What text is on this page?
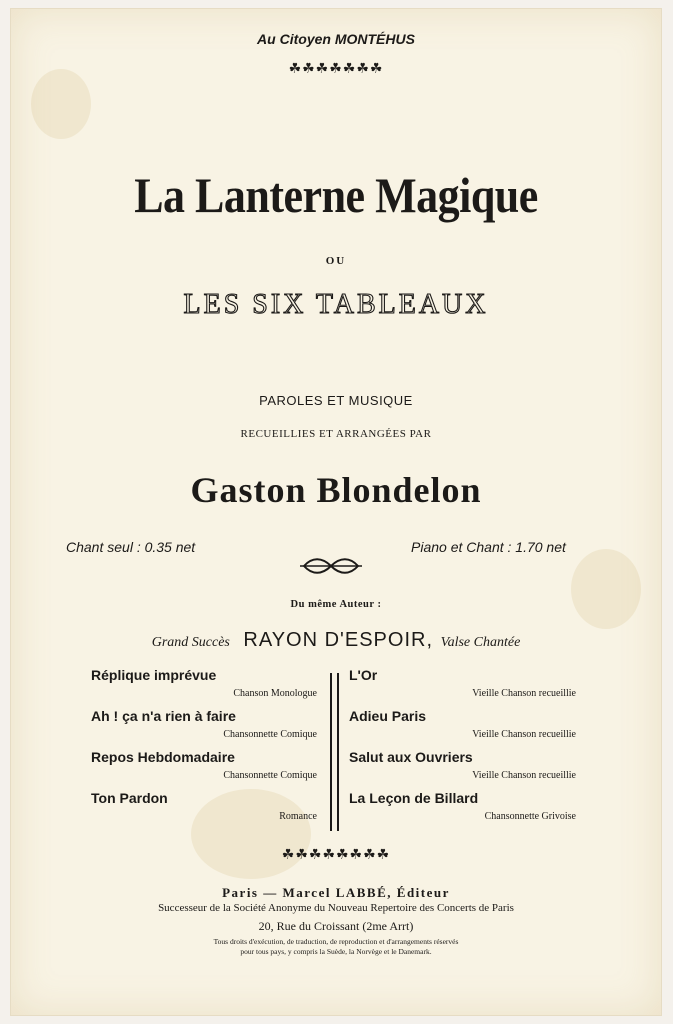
Au Citoyen MONTÉHUS
☘☘☘☘☘☘☘
La Lanterne Magique
OU
LES SIX TABLEAUX
PAROLES ET MUSIQUE
RECUEILLIES ET ARRANGÉES PAR
Gaston Blondelon
Chant seul : 0.35 net	Piano et Chant : 1.70 net
Du même Auteur :
Grand Succès RAYON D'ESPOIR, Valse Chantée
Réplique imprévue
Chanson Monologue
Ah ! ça n'a rien à faire
Chansonnette Comique
Repos Hebdomadaire
Chansonnette Comique
Ton Pardon
Romance
L'Or
Vieille Chanson recueillie
Adieu Paris
Vieille Chanson recueillie
Salut aux Ouvriers
Vieille Chanson recueillie
La Leçon de Billard
Chansonnette Grivoise
☘☘☘☘☘☘☘☘
Paris — Marcel LABBÉ, Éditeur
Successeur de la Société Anonyme du Nouveau Repertoire des Concerts de Paris
20, Rue du Croissant (2me Arrt)
Tous droits d'exécution, de traduction, de reproduction et d'arrangements réservés
pour tous pays, y compris la Suède, la Norvège et le Danemark.
